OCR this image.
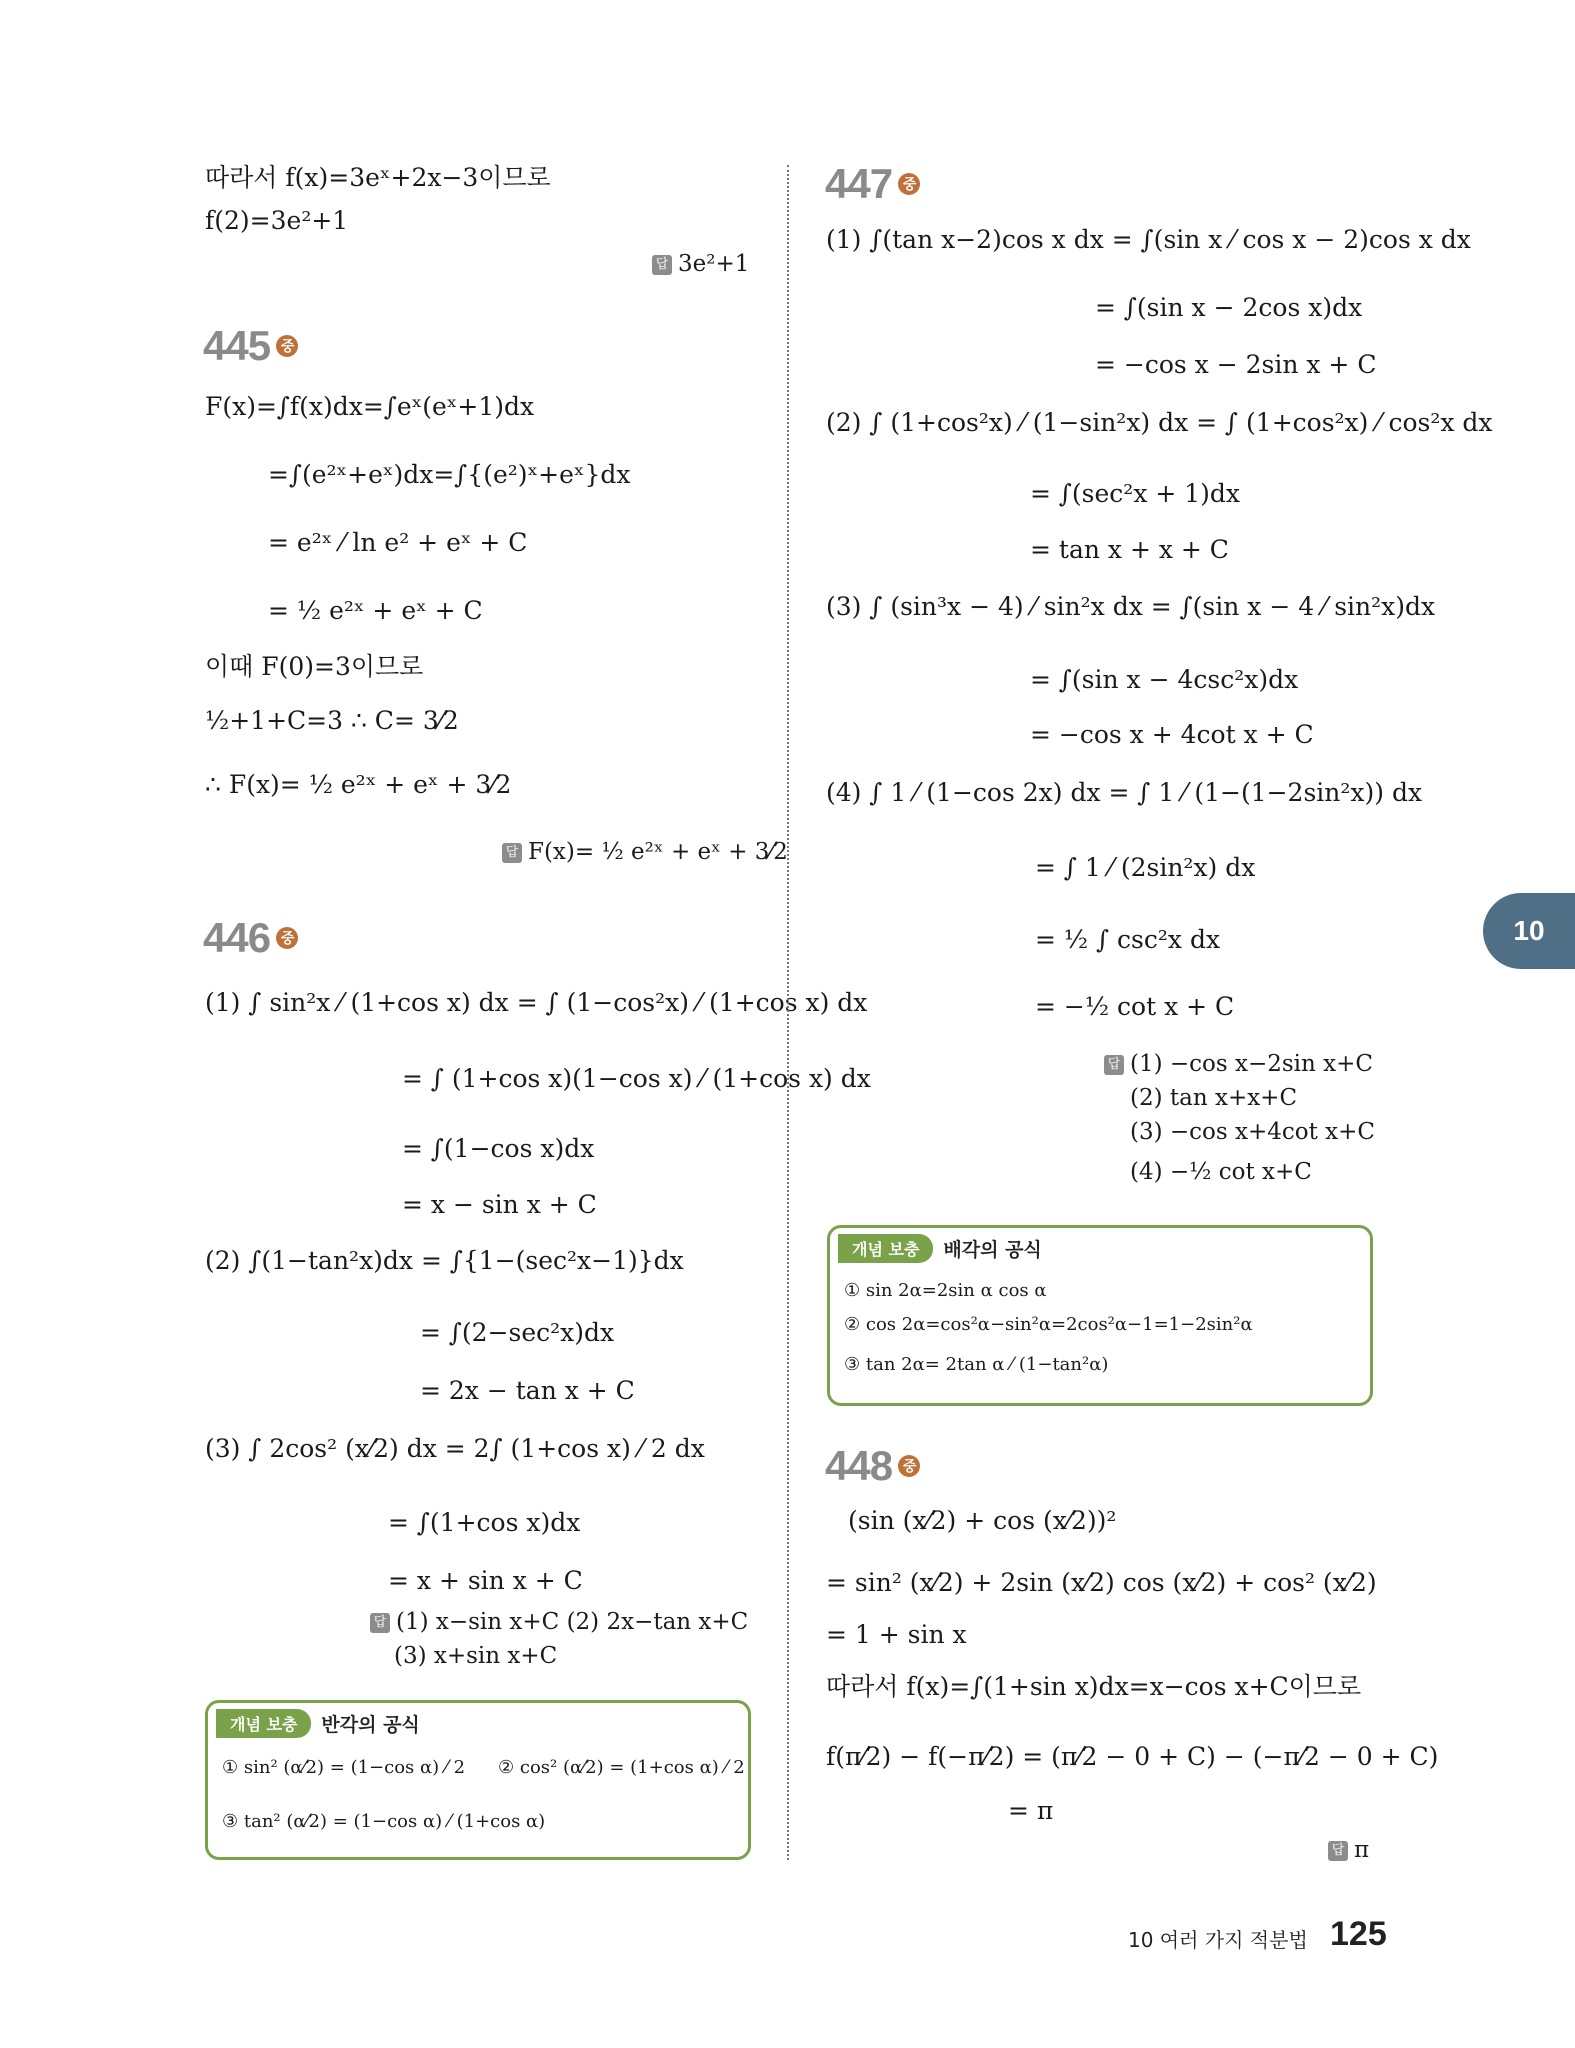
따라서 f(x)=3eˣ+2x−3이므로
f(2)=3e²+1
답 3e²+1
445 중
F(x)=∫f(x)dx=∫eˣ(eˣ+1)dx
=∫(e²ˣ+eˣ)dx=∫{(e²)ˣ+eˣ}dx
= e²ˣ ⁄ ln e² + eˣ + C
= ½ e²ˣ + eˣ + C
이때 F(0)=3이므로
½+1+C=3 ∴ C= 3⁄2
∴ F(x)= ½ e²ˣ + eˣ + 3⁄2
답 F(x)= ½ e²ˣ + eˣ + 3⁄2
446 중
(1) ∫ sin²x ⁄ (1+cos x) dx = ∫ (1−cos²x) ⁄ (1+cos x) dx
= ∫ (1+cos x)(1−cos x) ⁄ (1+cos x) dx
= ∫(1−cos x)dx
= x − sin x + C
(2) ∫(1−tan²x)dx = ∫{1−(sec²x−1)}dx
= ∫(2−sec²x)dx
= 2x − tan x + C
(3) ∫ 2cos² (x⁄2) dx = 2∫ (1+cos x) ⁄ 2 dx
= ∫(1+cos x)dx
= x + sin x + C
답 (1) x−sin x+C (2) 2x−tan x+C
(3) x+sin x+C
개념 보충	반각의 공식
① sin² (α⁄2) = (1−cos α) ⁄ 2 ② cos² (α⁄2) = (1+cos α) ⁄ 2
③ tan² (α⁄2) = (1−cos α) ⁄ (1+cos α)
447 중
(1) ∫(tan x−2)cos x dx = ∫(sin x ⁄ cos x − 2)cos x dx
= ∫(sin x − 2cos x)dx
= −cos x − 2sin x + C
(2) ∫ (1+cos²x) ⁄ (1−sin²x) dx = ∫ (1+cos²x) ⁄ cos²x dx
= ∫(sec²x + 1)dx
= tan x + x + C
(3) ∫ (sin³x − 4) ⁄ sin²x dx = ∫(sin x − 4 ⁄ sin²x)dx
= ∫(sin x − 4csc²x)dx
= −cos x + 4cot x + C
(4) ∫ 1 ⁄ (1−cos 2x) dx = ∫ 1 ⁄ (1−(1−2sin²x)) dx
= ∫ 1 ⁄ (2sin²x) dx
= ½ ∫ csc²x dx
= −½ cot x + C
답 (1) −cos x−2sin x+C
(2) tan x+x+C
(3) −cos x+4cot x+C
(4) −½ cot x+C
개념 보충	배각의 공식
① sin 2α=2sin α cos α
② cos 2α=cos²α−sin²α=2cos²α−1=1−2sin²α
③ tan 2α= 2tan α ⁄ (1−tan²α)
448 중
(sin (x⁄2) + cos (x⁄2))²
= sin² (x⁄2) + 2sin (x⁄2) cos (x⁄2) + cos² (x⁄2)
= 1 + sin x
따라서 f(x)=∫(1+sin x)dx=x−cos x+C이므로
f(π⁄2) − f(−π⁄2) = (π⁄2 − 0 + C) − (−π⁄2 − 0 + C)
= π
답 π
10
10 여러 가지 적분법 125
